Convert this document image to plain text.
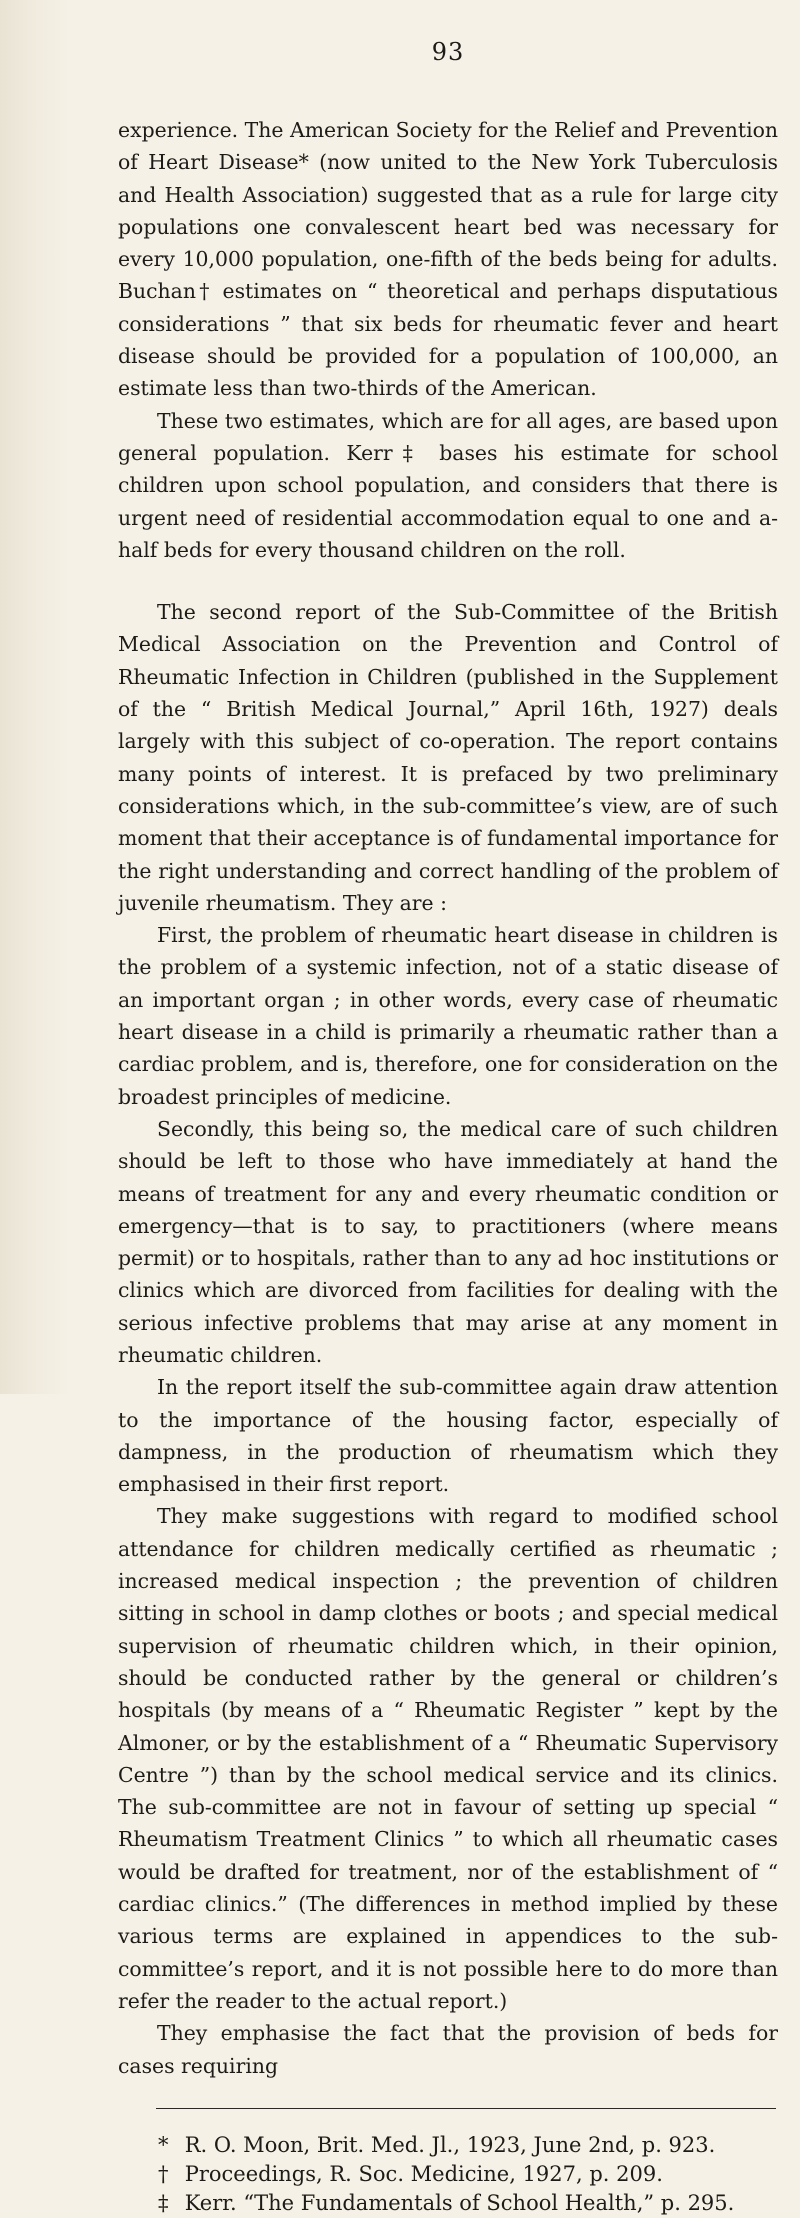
93

experience. The American Society for the Relief and Prevention of Heart Disease* (now united to the New York Tuberculosis and Health Association) suggested that as a rule for large city populations one convalescent heart bed was necessary for every 10,000 population, one-fifth of the beds being for adults. Buchan† estimates on “ theoretical and perhaps disputatious considerations ” that six beds for rheumatic fever and heart disease should be provided for a population of 100,000, an estimate less than two-thirds of the American.

These two estimates, which are for all ages, are based upon general population. Kerr‡ bases his estimate for school children upon school population, and considers that there is urgent need of residential accommodation equal to one and a-half beds for every thousand children on the roll.

The second report of the Sub-Committee of the British Medical Association on the Prevention and Control of Rheumatic Infection in Children (published in the Supplement of the “ British Medical Journal,” April 16th, 1927) deals largely with this subject of co-operation. The report contains many points of interest. It is prefaced by two preliminary considerations which, in the sub-committee’s view, are of such moment that their acceptance is of fundamental importance for the right understanding and correct handling of the problem of juvenile rheumatism. They are :

First, the problem of rheumatic heart disease in children is the problem of a systemic infection, not of a static disease of an important organ ; in other words, every case of rheumatic heart disease in a child is primarily a rheumatic rather than a cardiac problem, and is, therefore, one for consideration on the broadest principles of medicine.

Secondly, this being so, the medical care of such children should be left to those who have immediately at hand the means of treatment for any and every rheumatic condition or emergency—that is to say, to practitioners (where means permit) or to hospitals, rather than to any ad hoc institutions or clinics which are divorced from facilities for dealing with the serious infective problems that may arise at any moment in rheumatic children.

In the report itself the sub-committee again draw attention to the importance of the housing factor, especially of dampness, in the production of rheumatism which they emphasised in their first report.

They make suggestions with regard to modified school attendance for children medically certified as rheumatic ; increased medical inspection ; the prevention of children sitting in school in damp clothes or boots ; and special medical supervision of rheumatic children which, in their opinion, should be conducted rather by the general or children’s hospitals (by means of a “ Rheumatic Register ” kept by the Almoner, or by the establishment of a “ Rheumatic Supervisory Centre ”) than by the school medical service and its clinics. The sub-committee are not in favour of setting up special “ Rheumatism Treatment Clinics ” to which all rheumatic cases would be drafted for treatment, nor of the establishment of “ cardiac clinics.” (The differences in method implied by these various terms are explained in appendices to the sub-committee’s report, and it is not possible here to do more than refer the reader to the actual report.)

They emphasise the fact that the provision of beds for cases requiring

* R. O. Moon, Brit. Med. Jl., 1923, June 2nd, p. 923.
† Proceedings, R. Soc. Medicine, 1927, p. 209.
‡ Kerr. “The Fundamentals of School Health,” p. 295.
